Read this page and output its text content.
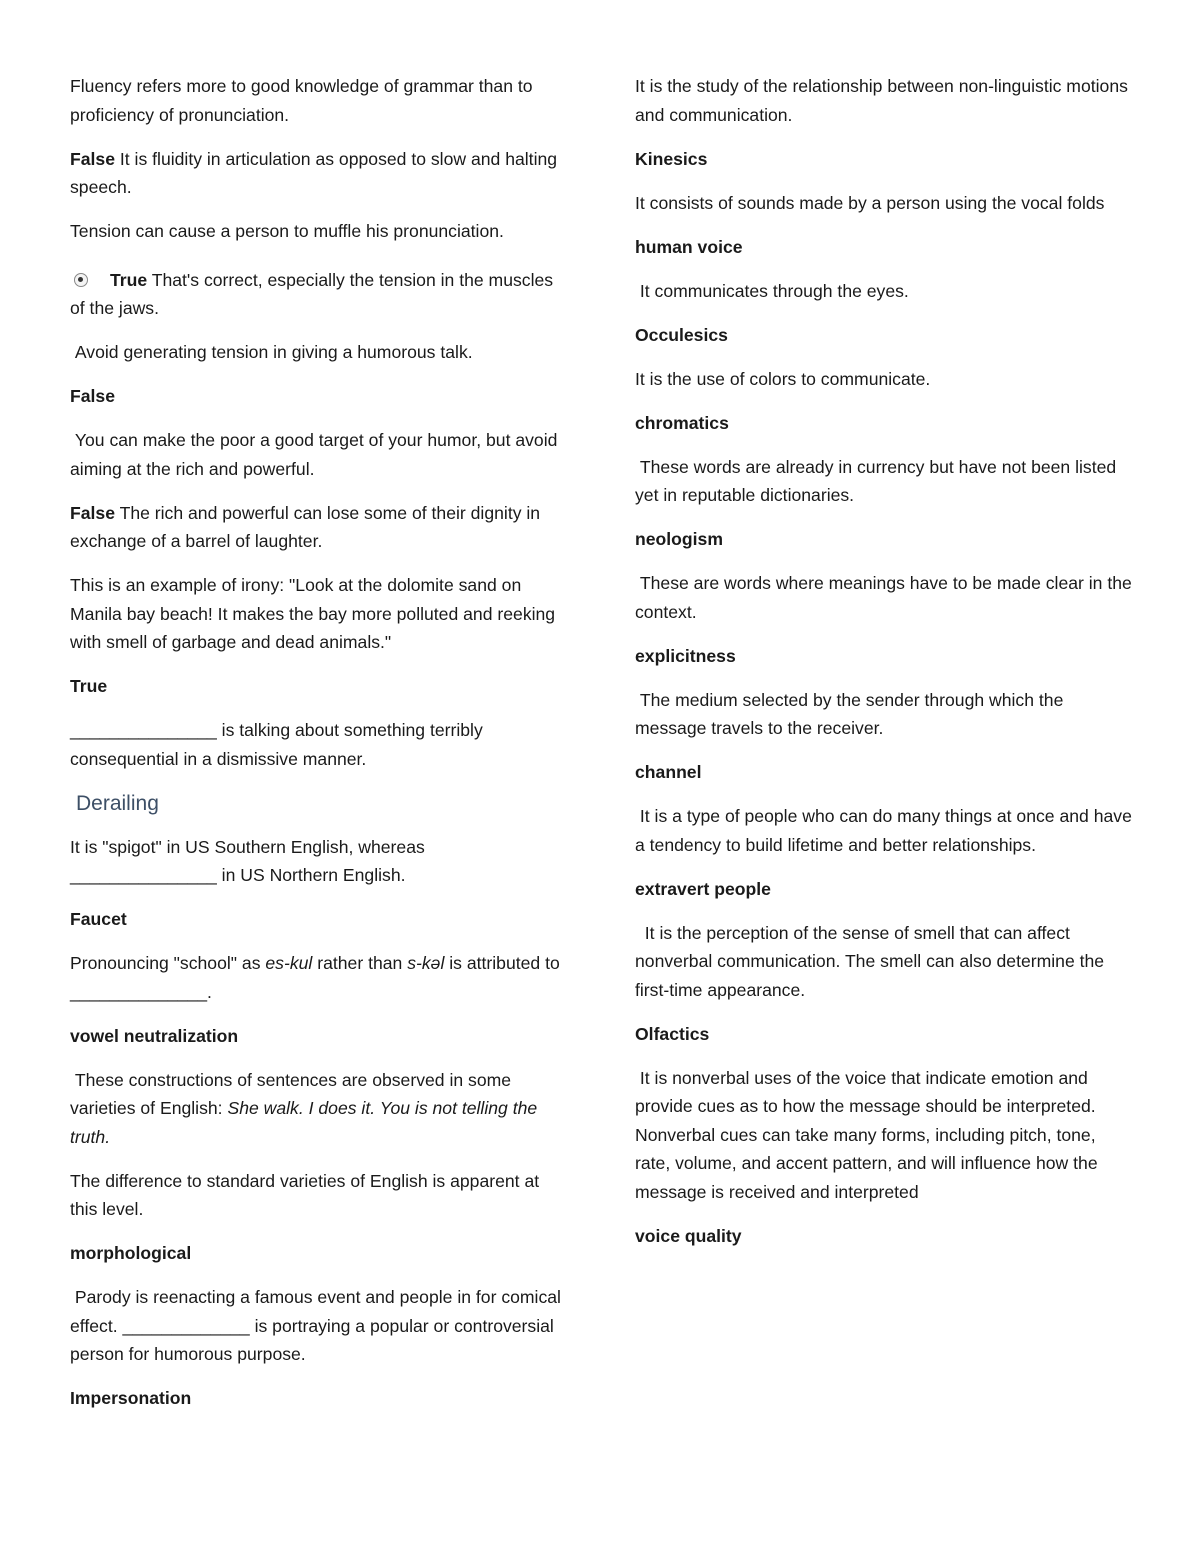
Fluency refers more to good knowledge of grammar than to proficiency of pronunciation.

False It is fluidity in articulation as opposed to slow and halting speech.

Tension can cause a person to muffle his pronunciation.

True That's correct, especially the tension in the muscles of the jaws.

Avoid generating tension in giving a humorous talk.

False

You can make the poor a good target of your humor, but avoid aiming at the rich and powerful.

False The rich and powerful can lose some of their dignity in exchange of a barrel of laughter.

This is an example of irony: "Look at the dolomite sand on Manila bay beach! It makes the bay more polluted and reeking with smell of garbage and dead animals."

True

_______________ is talking about something terribly consequential in a dismissive manner.

Derailing

It is "spigot" in US Southern English, whereas _______________ in US Northern English.

Faucet

Pronouncing "school" as es-kul rather than s-kəl is attributed to ______________.

vowel neutralization

These constructions of sentences are observed in some varieties of English: She walk. I does it. You is not telling the truth.

The difference to standard varieties of English is apparent at this level.

morphological

Parody is reenacting a famous event and people in for comical effect. _____________ is portraying a popular or controversial person for humorous purpose.

Impersonation

It is the study of the relationship between non-linguistic motions and communication.

Kinesics

It consists of sounds made by a person using the vocal folds

human voice

It communicates through the eyes.

Occulesics

It is the use of colors to communicate.

chromatics

These words are already in currency but have not been listed yet in reputable dictionaries.

neologism

These are words where meanings have to be made clear in the context.

explicitness

The medium selected by the sender through which the message travels to the receiver.

channel

It is a type of people who can do many things at once and have a tendency to build lifetime and better relationships.

extravert people

It is the perception of the sense of smell that can affect nonverbal communication. The smell can also determine the first-time appearance.

Olfactics

It is nonverbal uses of the voice that indicate emotion and provide cues as to how the message should be interpreted. Nonverbal cues can take many forms, including pitch, tone, rate, volume, and accent pattern, and will influence how the message is received and interpreted

voice quality
